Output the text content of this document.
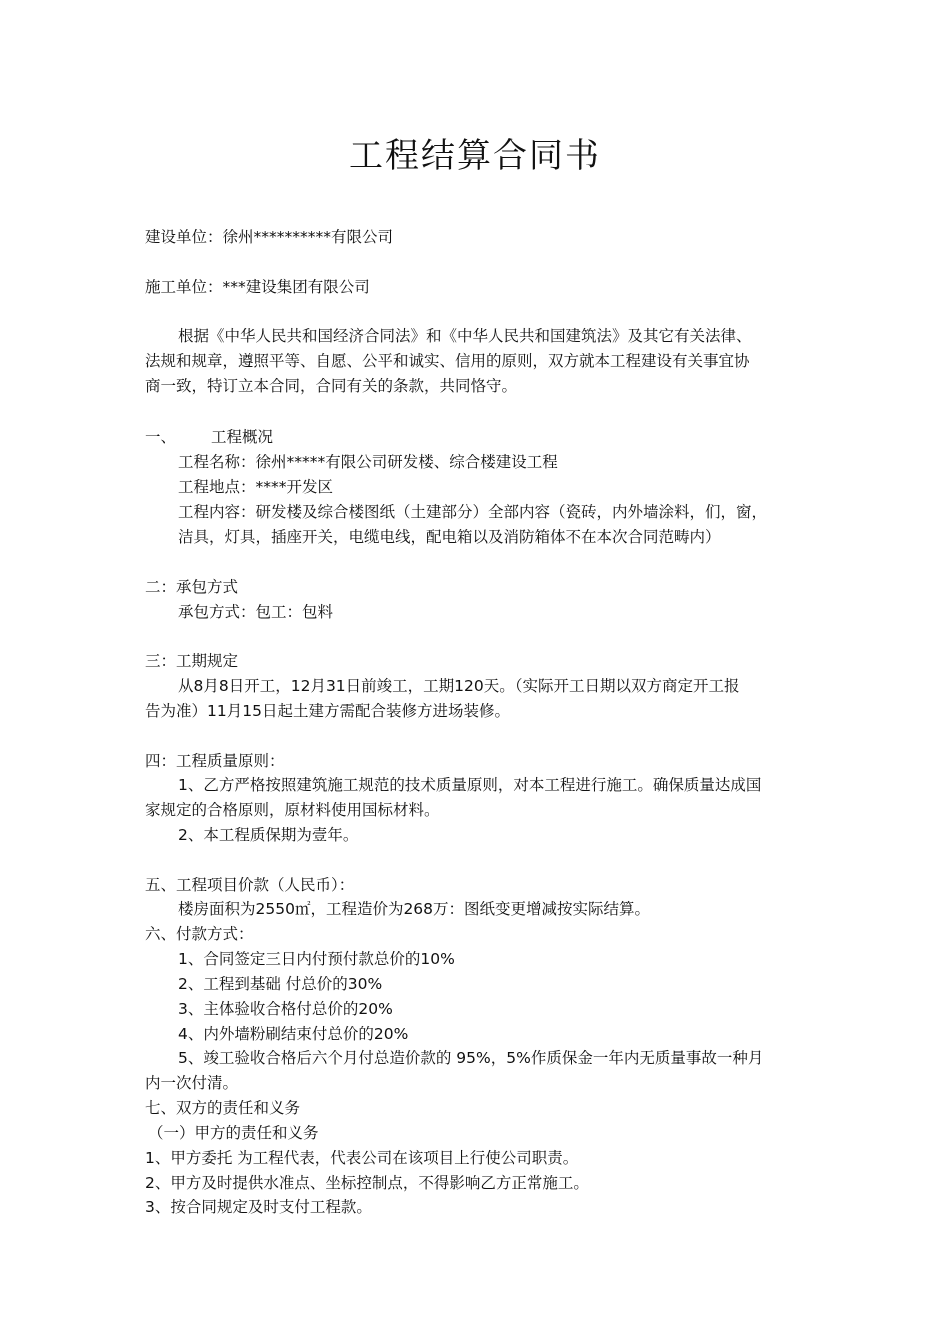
工程结算合同书
建设单位：徐州**********有限公司
施工单位：***建设集团有限公司
根据《中华人民共和国经济合同法》和《中华人民共和国建筑法》及其它有关法律、
法规和规章，遵照平等、自愿、公平和诚实、信用的原则，双方就本工程建设有关事宜协
商一致，特订立本合同，合同有关的条款，共同恪守。
一、 工程概况
工程名称：徐州*****有限公司研发楼、综合楼建设工程
工程地点：****开发区
工程内容：研发楼及综合楼图纸（土建部分）全部内容（瓷砖，内外墙涂料，们，窗，
洁具，灯具，插座开关，电缆电线，配电箱以及消防箱体不在本次合同范畴内）
二：承包方式
承包方式：包工：包料
三：工期规定
从8月8日开工，12月31日前竣工，工期120天。（实际开工日期以双方商定开工报
告为准）11月15日起土建方需配合装修方进场装修。
四：工程质量原则：
1、乙方严格按照建筑施工规范的技术质量原则，对本工程进行施工。确保质量达成国
家规定的合格原则，原材料使用国标材料。
2、本工程质保期为壹年。
五、工程项目价款（人民币）：
楼房面积为2550㎡，工程造价为268万：图纸变更增减按实际结算。
六、付款方式：
1、合同签定三日内付预付款总价的10%
2、工程到基础 付总价的30%
3、主体验收合格付总价的20%
4、内外墙粉刷结束付总价的20%
5、竣工验收合格后六个月付总造价款的 95%，5%作质保金一年内无质量事故一种月
内一次付清。
七、双方的责任和义务
（一）甲方的责任和义务
1、甲方委托 为工程代表，代表公司在该项目上行使公司职责。
2、甲方及时提供水准点、坐标控制点，不得影响乙方正常施工。
3、按合同规定及时支付工程款。
